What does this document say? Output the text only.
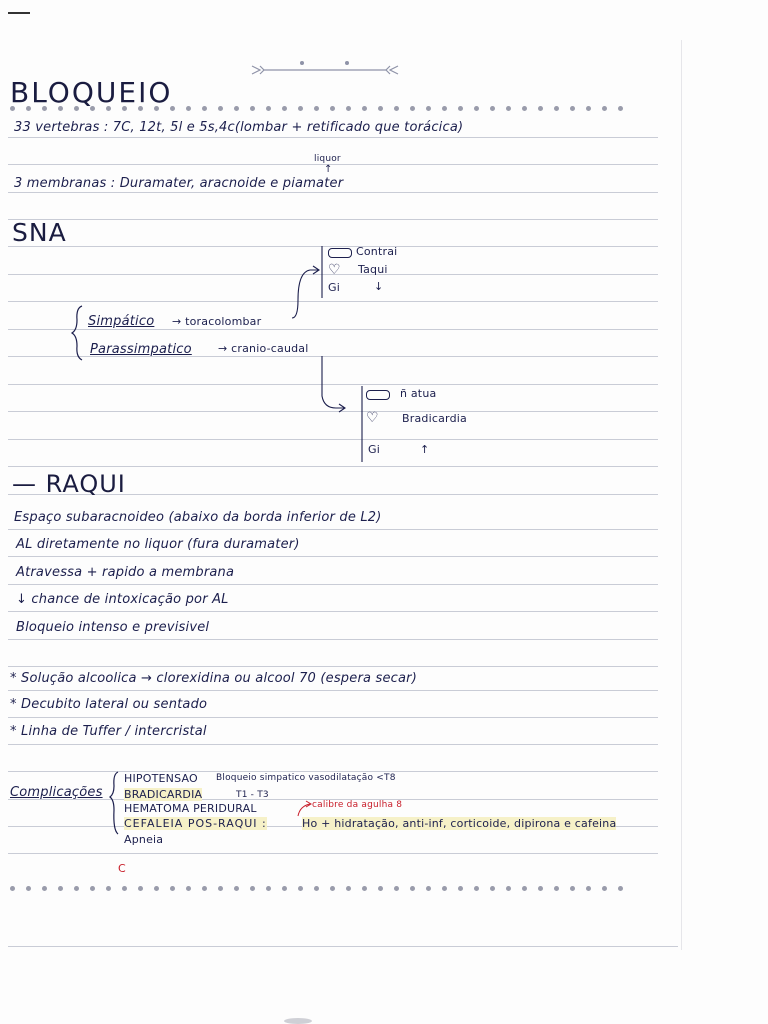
BLOQUEIO
33 vertebras : 7C, 12t, 5l e 5s,4c(lombar + retificado que torácica)
liquor
↑
3 membranas : Duramater, aracnoide e piamater
SNA
Contrai
♡ Taqui
Gi	↓
Simpático → toracolombar
Parassimpatico → cranio-caudal
ñ atua
♡ Bradicardia
Gi	↑
— RAQUI
Espaço subaracnoideo (abaixo da borda inferior de L2)
AL diretamente no liquor (fura duramater)
Atravessa + rapido a membrana
↓ chance de intoxicação por AL
Bloqueio intenso e previsivel
* Solução alcoolica → clorexidina ou alcool 70 (espera secar)
* Decubito lateral ou sentado
* Linha de Tuffer / intercristal
Complicações
HIPOTENSAO Bloqueio simpatico vasodilatação <T8
BRADICARDIA	T1 - T3
HEMATOMA PERIDURAL	calibre da agulha 8
CEFALEIA POS-RAQUI :	Ho + hidratação, anti-inf, corticoide, dipirona e cafeina
Apneia
C
